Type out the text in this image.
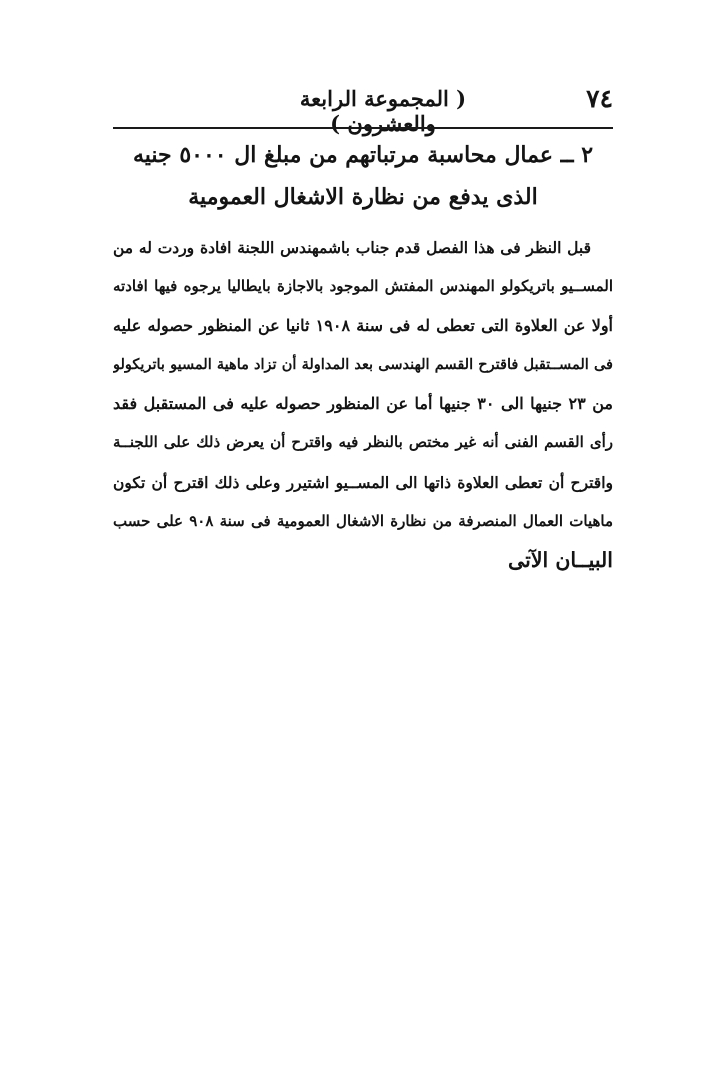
٧٤
( المجموعة الرابعة والعشرون )
٢ ــ عمال محاسبة مرتباتهم من مبلغ ال ٥٠٠٠ جنيه
الذى يدفع من نظارة الاشغال العمومية
قبل النظر فى هذا الفصل قدم جناب باشمهندس اللجنة افادة وردت له من
المســيو باتريكولو المهندس المفتش الموجود بالاجازة بايطاليا يرجوه فيها افادته
أولا عن العلاوة التى تعطى له فى سنة ١٩٠٨ ثانيا عن المنظور حصوله عليه
فى المســتقبل فاقترح القسم الهندسى بعد المداولة أن تزاد ماهية المسيو باتريكولو
من ٢٣ جنيها الى ٣٠ جنيها أما عن المنظور حصوله عليه فى المستقبل فقد
رأى القسم الفنى أنه غير مختص بالنظر فيه واقترح أن يعرض ذلك على اللجنــة
واقترح أن تعطى العلاوة ذاتها الى المســيو اشتيرر وعلى ذلك اقترح أن تكون
ماهيات العمال المنصرفة من نظارة الاشغال العمومية فى سنة ٩٠٨ على حسب
البيــان الآتى
